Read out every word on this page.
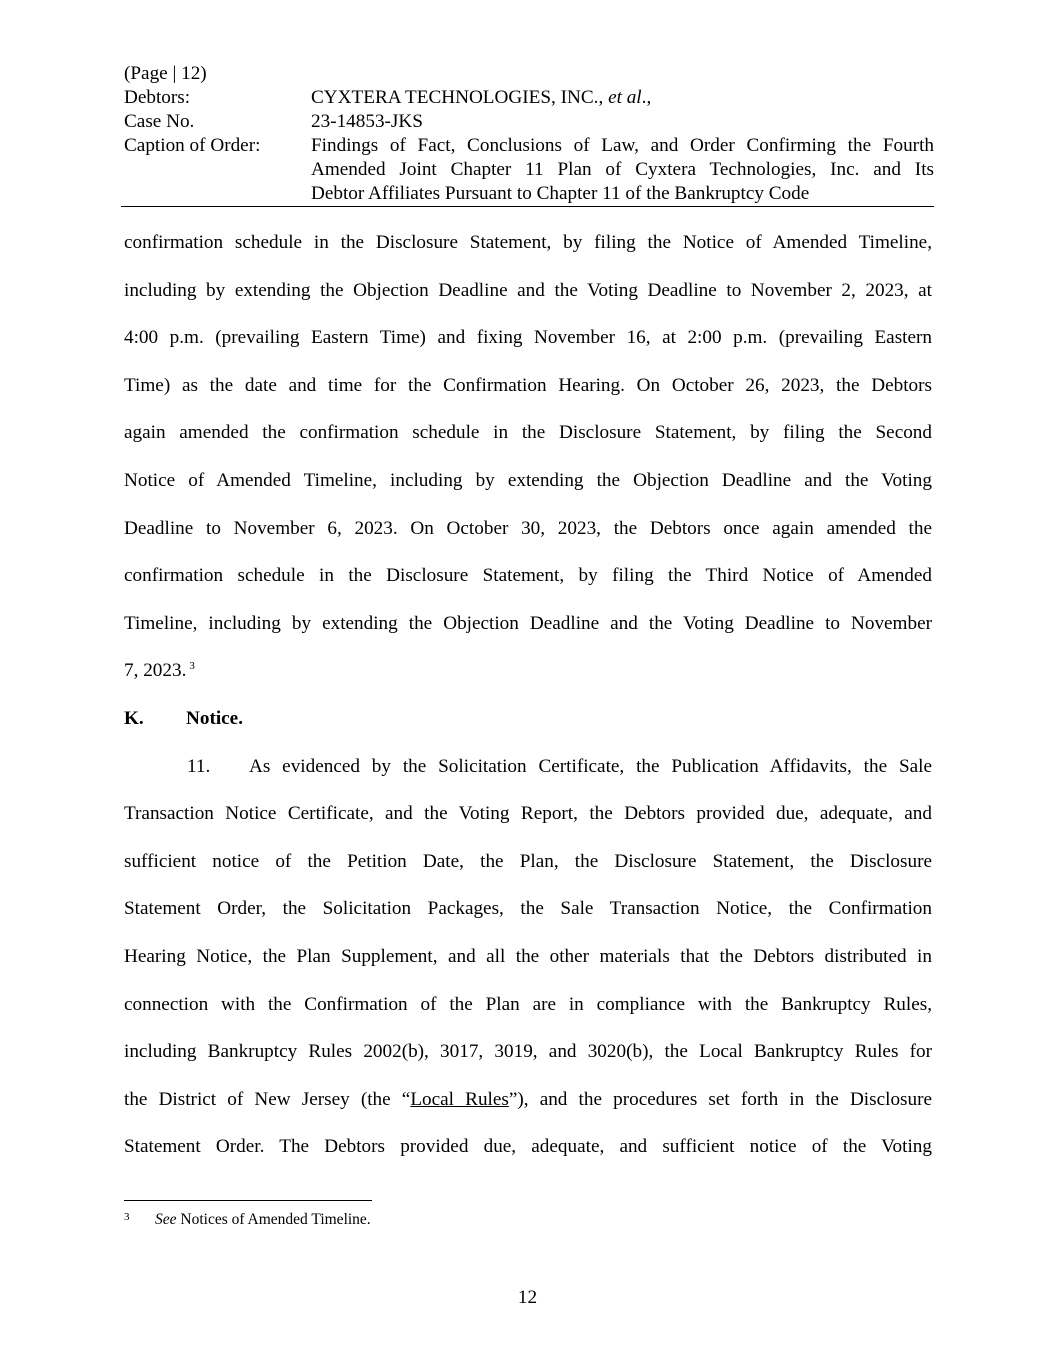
(Page | 12)
Debtors:	CYXTERA TECHNOLOGIES, INC., et al.,
Case No.	23-14853-JKS
Caption of Order:	Findings of Fact, Conclusions of Law, and Order Confirming the Fourth
Amended Joint Chapter 11 Plan of Cyxtera Technologies, Inc. and Its
Debtor Affiliates Pursuant to Chapter 11 of the Bankruptcy Code
confirmation schedule in the Disclosure Statement, by filing the Notice of Amended Timeline,
including by extending the Objection Deadline and the Voting Deadline to November 2, 2023, at
4:00 p.m. (prevailing Eastern Time) and fixing November 16, at 2:00 p.m. (prevailing Eastern
Time) as the date and time for the Confirmation Hearing. On October 26, 2023, the Debtors
again amended the confirmation schedule in the Disclosure Statement, by filing the Second
Notice of Amended Timeline, including by extending the Objection Deadline and the Voting
Deadline to November 6, 2023. On October 30, 2023, the Debtors once again amended the
confirmation schedule in the Disclosure Statement, by filing the Third Notice of Amended
Timeline, including by extending the Objection Deadline and the Voting Deadline to November
7, 2023. $^3$
K.	Notice.
11. As evidenced by the Solicitation Certificate, the Publication Affidavits, the Sale
Transaction Notice Certificate, and the Voting Report, the Debtors provided due, adequate, and
sufficient notice of the Petition Date, the Plan, the Disclosure Statement, the Disclosure
Statement Order, the Solicitation Packages, the Sale Transaction Notice, the Confirmation
Hearing Notice, the Plan Supplement, and all the other materials that the Debtors distributed in
connection with the Confirmation of the Plan are in compliance with the Bankruptcy Rules,
including Bankruptcy Rules 2002(b), 3017, 3019, and 3020(b), the Local Bankruptcy Rules for
the District of New Jersey (the “Local Rules”), and the procedures set forth in the Disclosure
Statement Order. The Debtors provided due, adequate, and sufficient notice of the Voting
3	See Notices of Amended Timeline.
12
